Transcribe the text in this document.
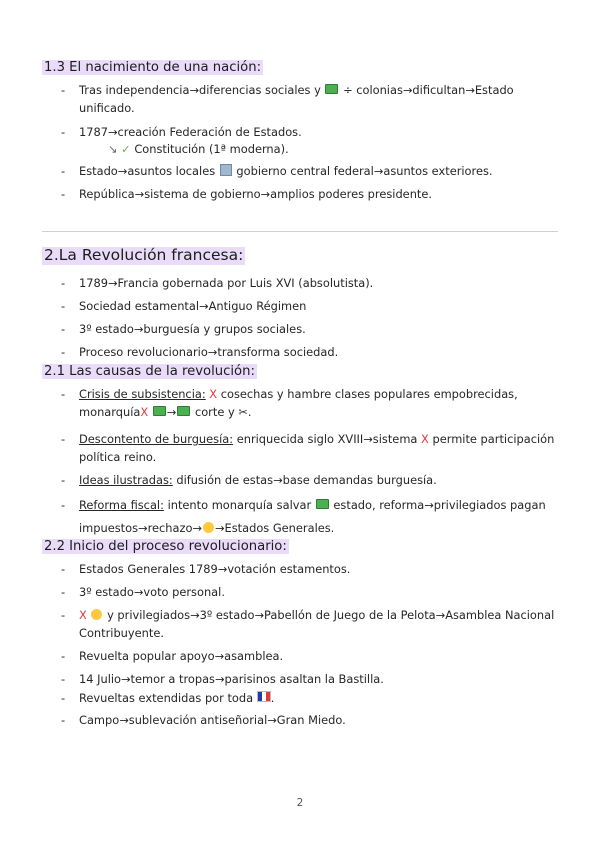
1.3 El nacimiento de una nación:
- Tras independencia→diferencias sociales y ÷ colonias→dificultan→Estado unificado.
- 1787→creación Federación de Estados.
↘ ✓ Constitución (1ª moderna).
- Estado→asuntos locales gobierno central federal→asuntos exteriores.
- República→sistema de gobierno→amplios poderes presidente.
2.La Revolución francesa:
- 1789→Francia gobernada por Luis XVI (absolutista).
- Sociedad estamental→Antiguo Régimen
- 3º estado→burguesía y grupos sociales.
- Proceso revolucionario→transforma sociedad.
2.1 Las causas de la revolución:
- Crisis de subsistencia: X cosechas y hambre clases populares empobrecidas, monarquíaX → corte y ✂.
- Descontento de burguesía: enriquecida siglo XVIII→sistema X permite participación política reino.
- Ideas ilustradas: difusión de estas→base demandas burguesía.
- Reforma fiscal: intento monarquía salvar estado, reforma→privilegiados pagan impuestos→rechazo→ →Estados Generales.
2.2 Inicio del proceso revolucionario:
- Estados Generales 1789→votación estamentos.
- 3º estado→voto personal.
- X y privilegiados→3º estado→Pabellón de Juego de la Pelota→Asamblea Nacional Contribuyente.
- Revuelta popular apoyo→asamblea.
- 14 Julio→temor a tropas→parisinos asaltan la Bastilla.
- Revueltas extendidas por toda .
- Campo→sublevación antiseñorial→Gran Miedo.
2
